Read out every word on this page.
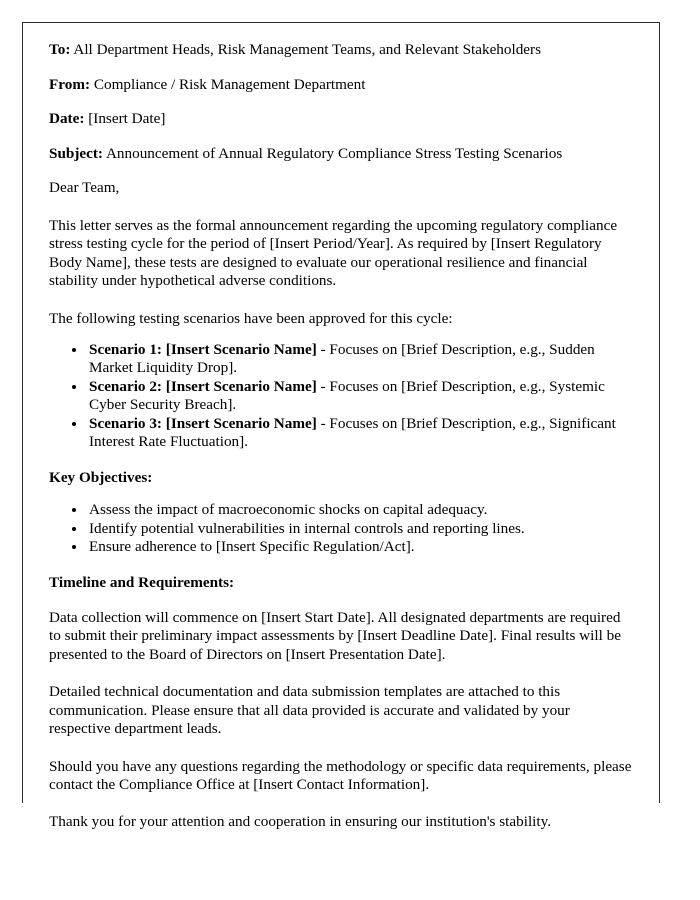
To: All Department Heads, Risk Management Teams, and Relevant Stakeholders
From: Compliance / Risk Management Department
Date: [Insert Date]
Subject: Announcement of Annual Regulatory Compliance Stress Testing Scenarios
Dear Team,

This letter serves as the formal announcement regarding the upcoming regulatory compliance stress testing cycle for the period of [Insert Period/Year]. As required by [Insert Regulatory Body Name], these tests are designed to evaluate our operational resilience and financial stability under hypothetical adverse conditions.

The following testing scenarios have been approved for this cycle:

• Scenario 1: [Insert Scenario Name] - Focuses on [Brief Description, e.g., Sudden Market Liquidity Drop].
• Scenario 2: [Insert Scenario Name] - Focuses on [Brief Description, e.g., Systemic Cyber Security Breach].
• Scenario 3: [Insert Scenario Name] - Focuses on [Brief Description, e.g., Significant Interest Rate Fluctuation].
Key Objectives:
• Assess the impact of macroeconomic shocks on capital adequacy.
• Identify potential vulnerabilities in internal controls and reporting lines.
• Ensure adherence to [Insert Specific Regulation/Act].
Timeline and Requirements:

Data collection will commence on [Insert Start Date]. All designated departments are required to submit their preliminary impact assessments by [Insert Deadline Date]. Final results will be presented to the Board of Directors on [Insert Presentation Date].

Detailed technical documentation and data submission templates are attached to this communication. Please ensure that all data provided is accurate and validated by your respective department leads.

Should you have any questions regarding the methodology or specific data requirements, please contact the Compliance Office at [Insert Contact Information].

Thank you for your attention and cooperation in ensuring our institution's stability.
